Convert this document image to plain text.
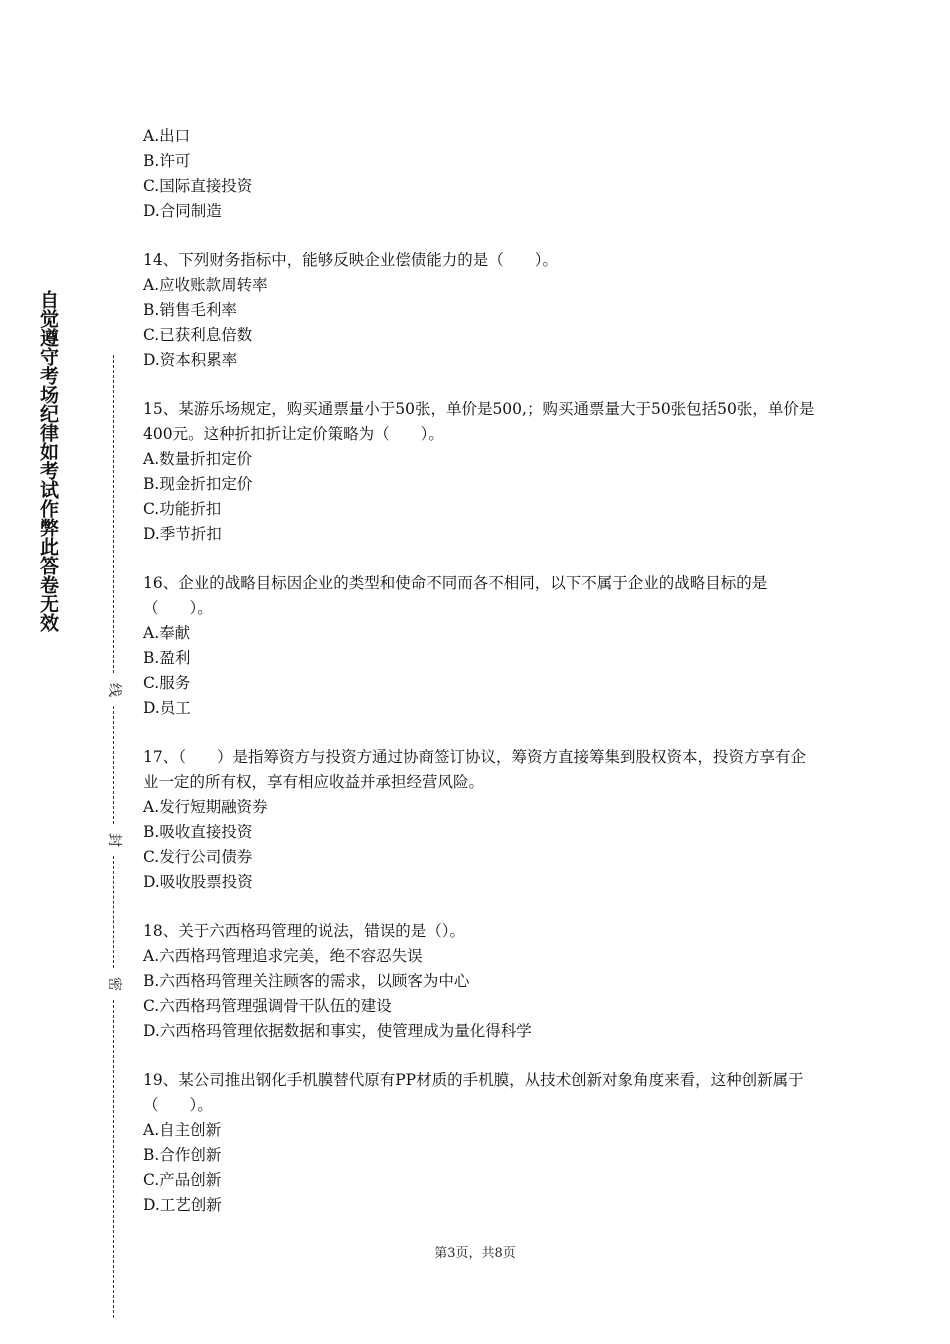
自觉遵守考场纪律如考试作弊此答卷无效
线
封
密
A.出口
B.许可
C.国际直接投资
D.合同制造

14、下列财务指标中，能够反映企业偿债能力的是（　　）。

A.应收账款周转率
B.销售毛利率
C.已获利息倍数
D.资本积累率

15、某游乐场规定，购买通票量小于50张，单价是500,；购买通票量大于50张包括50张，单价是400元。这种折扣折让定价策略为（　　）。

A.数量折扣定价
B.现金折扣定价
C.功能折扣
D.季节折扣

16、企业的战略目标因企业的类型和使命不同而各不相同，以下不属于企业的战略目标的是（　　）。

A.奉献
B.盈利
C.服务
D.员工

17、（　　）是指筹资方与投资方通过协商签订协议，筹资方直接筹集到股权资本，投资方享有企业一定的所有权，享有相应收益并承担经营风险。

A.发行短期融资券
B.吸收直接投资
C.发行公司债券
D.吸收股票投资

18、关于六西格玛管理的说法，错误的是（）。

A.六西格玛管理追求完美，绝不容忍失误
B.六西格玛管理关注顾客的需求，以顾客为中心
C.六西格玛管理强调骨干队伍的建设
D.六西格玛管理依据数据和事实，使管理成为量化得科学

19、某公司推出钢化手机膜替代原有PP材质的手机膜，从技术创新对象角度来看，这种创新属于（　　）。

A.自主创新
B.合作创新
C.产品创新
D.工艺创新
第3页，共8页
